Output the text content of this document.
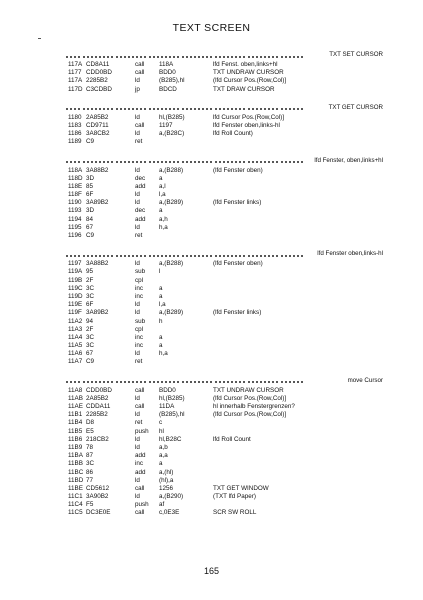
TEXT SCREEN
TXT SET CURSOR
117A CD8A11	call 118A	lfd Fenst. oben,links+hl
1177 CDD0BD	call BDD0	TXT UNDRAW CURSOR
117A 2285B2	ld	(B285),hl	(lfd Cursor Pos.(Row,Col)]
117D C3CDBD	jp	BDCD	TXT DRAW CURSOR
TXT GET CURSOR
1180 2A85B2	ld	hl,(B285)	lfd Cursor Pos.(Row,Col)]
1183 CD9711	call 1197	lfd Fenster oben,links-hl
1186 3A8CB2	ld	a,(B28C)	lfd Roll Count)
1189 C9	ret
lfd Fenster, oben,links+hl
118A 3A88B2	ld	a,(B288)	(lfd Fenster oben)
118D 3D	dec a
118E 85	add a,l
118F 6F	ld	l,a
1190 3A89B2	ld	a,(B289)	(lfd Fenster links)
1193 3D	dec a
1194 84	add a,h
1195 67	ld	h,a
1196 C9	ret
lfd Fenster oben,links-hl
1197 3A88B2	ld	a,(B288)	(lfd Fenster oben)
119A 95	sub l
119B 2F	cpl
119C 3C	inc	a
119D 3C	inc	a
119E 6F	ld	l,a
119F 3A89B2	ld	a,(B289)	(lfd Fenster links)
11A2 94	sub h
11A3 2F	cpl
11A4 3C	inc	a
11A5 3C	inc	a
11A6 67	ld	h,a
11A7 C9	ret
move Cursor
11A8 CDD0BD	call BDD0	TXT UNDRAW CURSOR
11AB 2A85B2	ld	hl,(B285)	(lfd Cursor Pos.(Row,Col)]
11AE CDDA11	call 11DA	hl innerhalb Fenstergrenzen?
11B1 2285B2	ld	(B285),hl	(lfd Cursor Pos.(Row,Col)]
11B4 D8	ret	c
11B5 E5	push hl
11B6 218CB2	ld	hl,B28C	lfd Roll Count
11B9 78	ld	a,b
11BA 87	add a,a
11BB 3C	inc	a
11BC 86	add a,(hl)
11BD 77	ld	(hl),a
11BE CD5612	call 1256	TXT GET WINDOW
11C1 3A90B2	ld	a,(B290)	(TXT lfd Paper)
11C4 F5	push af
11C5 DC3E0E	call c,0E3E	SCR SW ROLL
165
